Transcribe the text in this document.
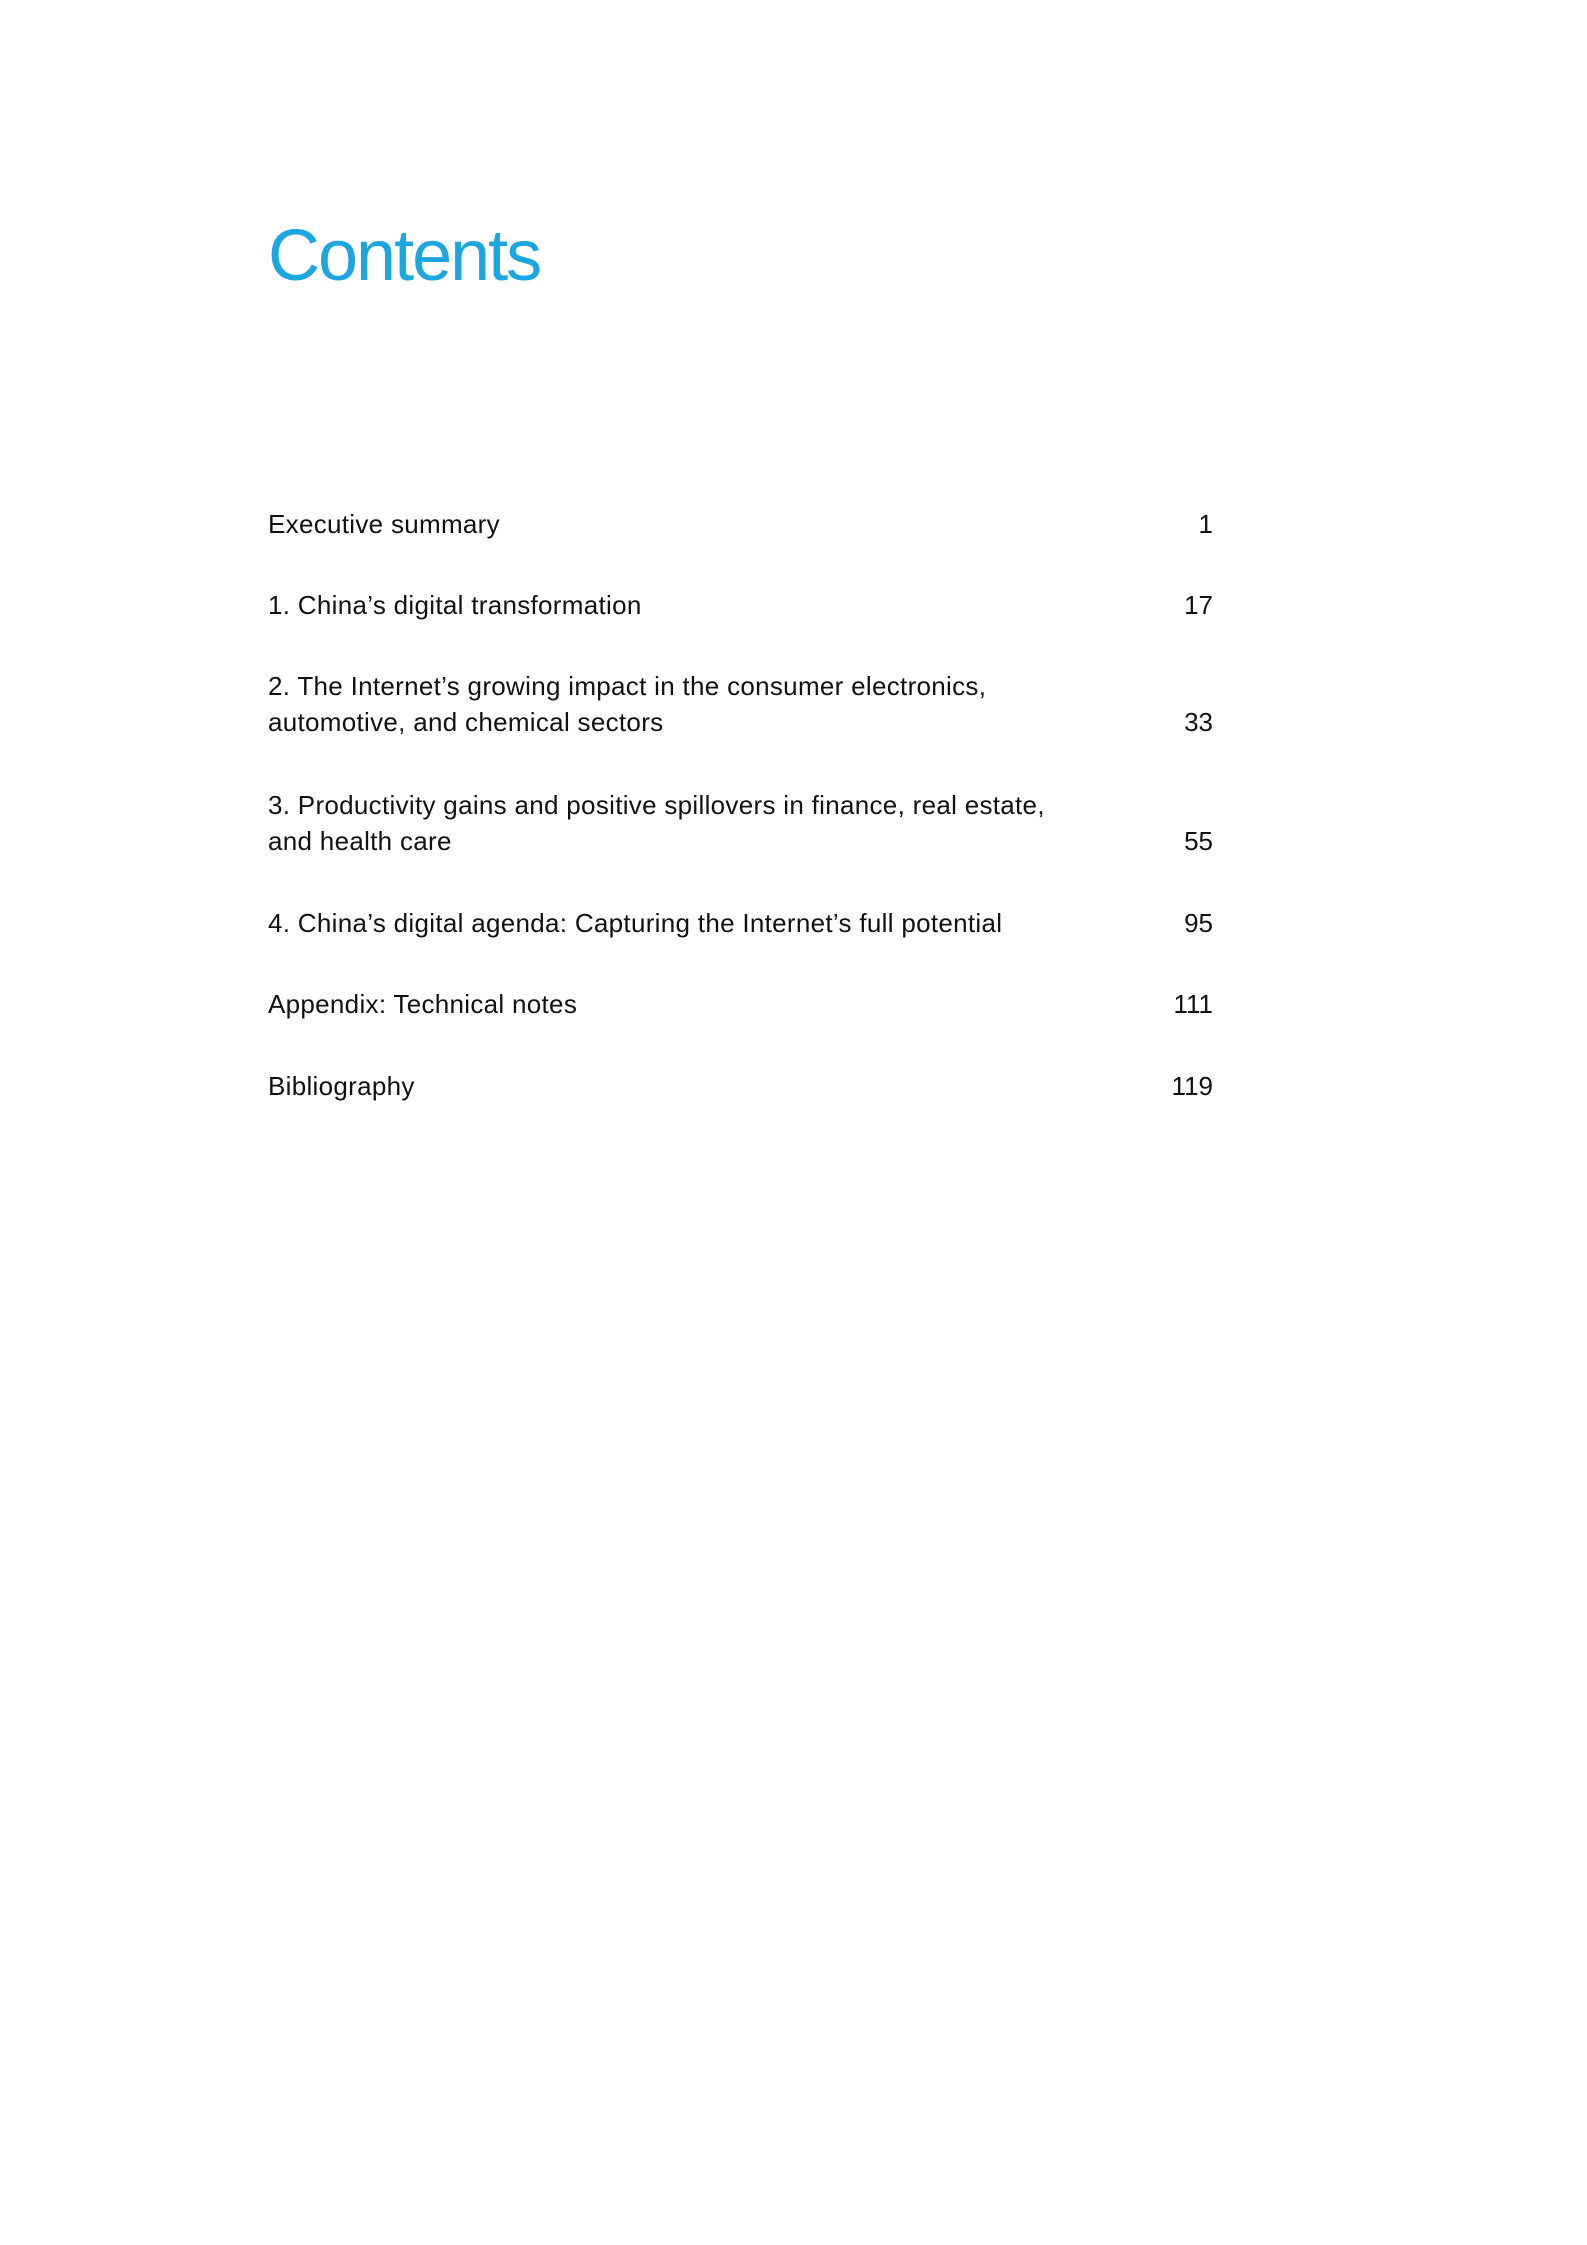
Contents
Executive summary	1
1. China’s digital transformation	17
2. The Internet’s growing impact in the consumer electronics,
automotive, and chemical sectors	33
3. Productivity gains and positive spillovers in finance, real estate,
and health care	55
4. China’s digital agenda: Capturing the Internet’s full potential	95
Appendix: Technical notes	111
Bibliography	119
